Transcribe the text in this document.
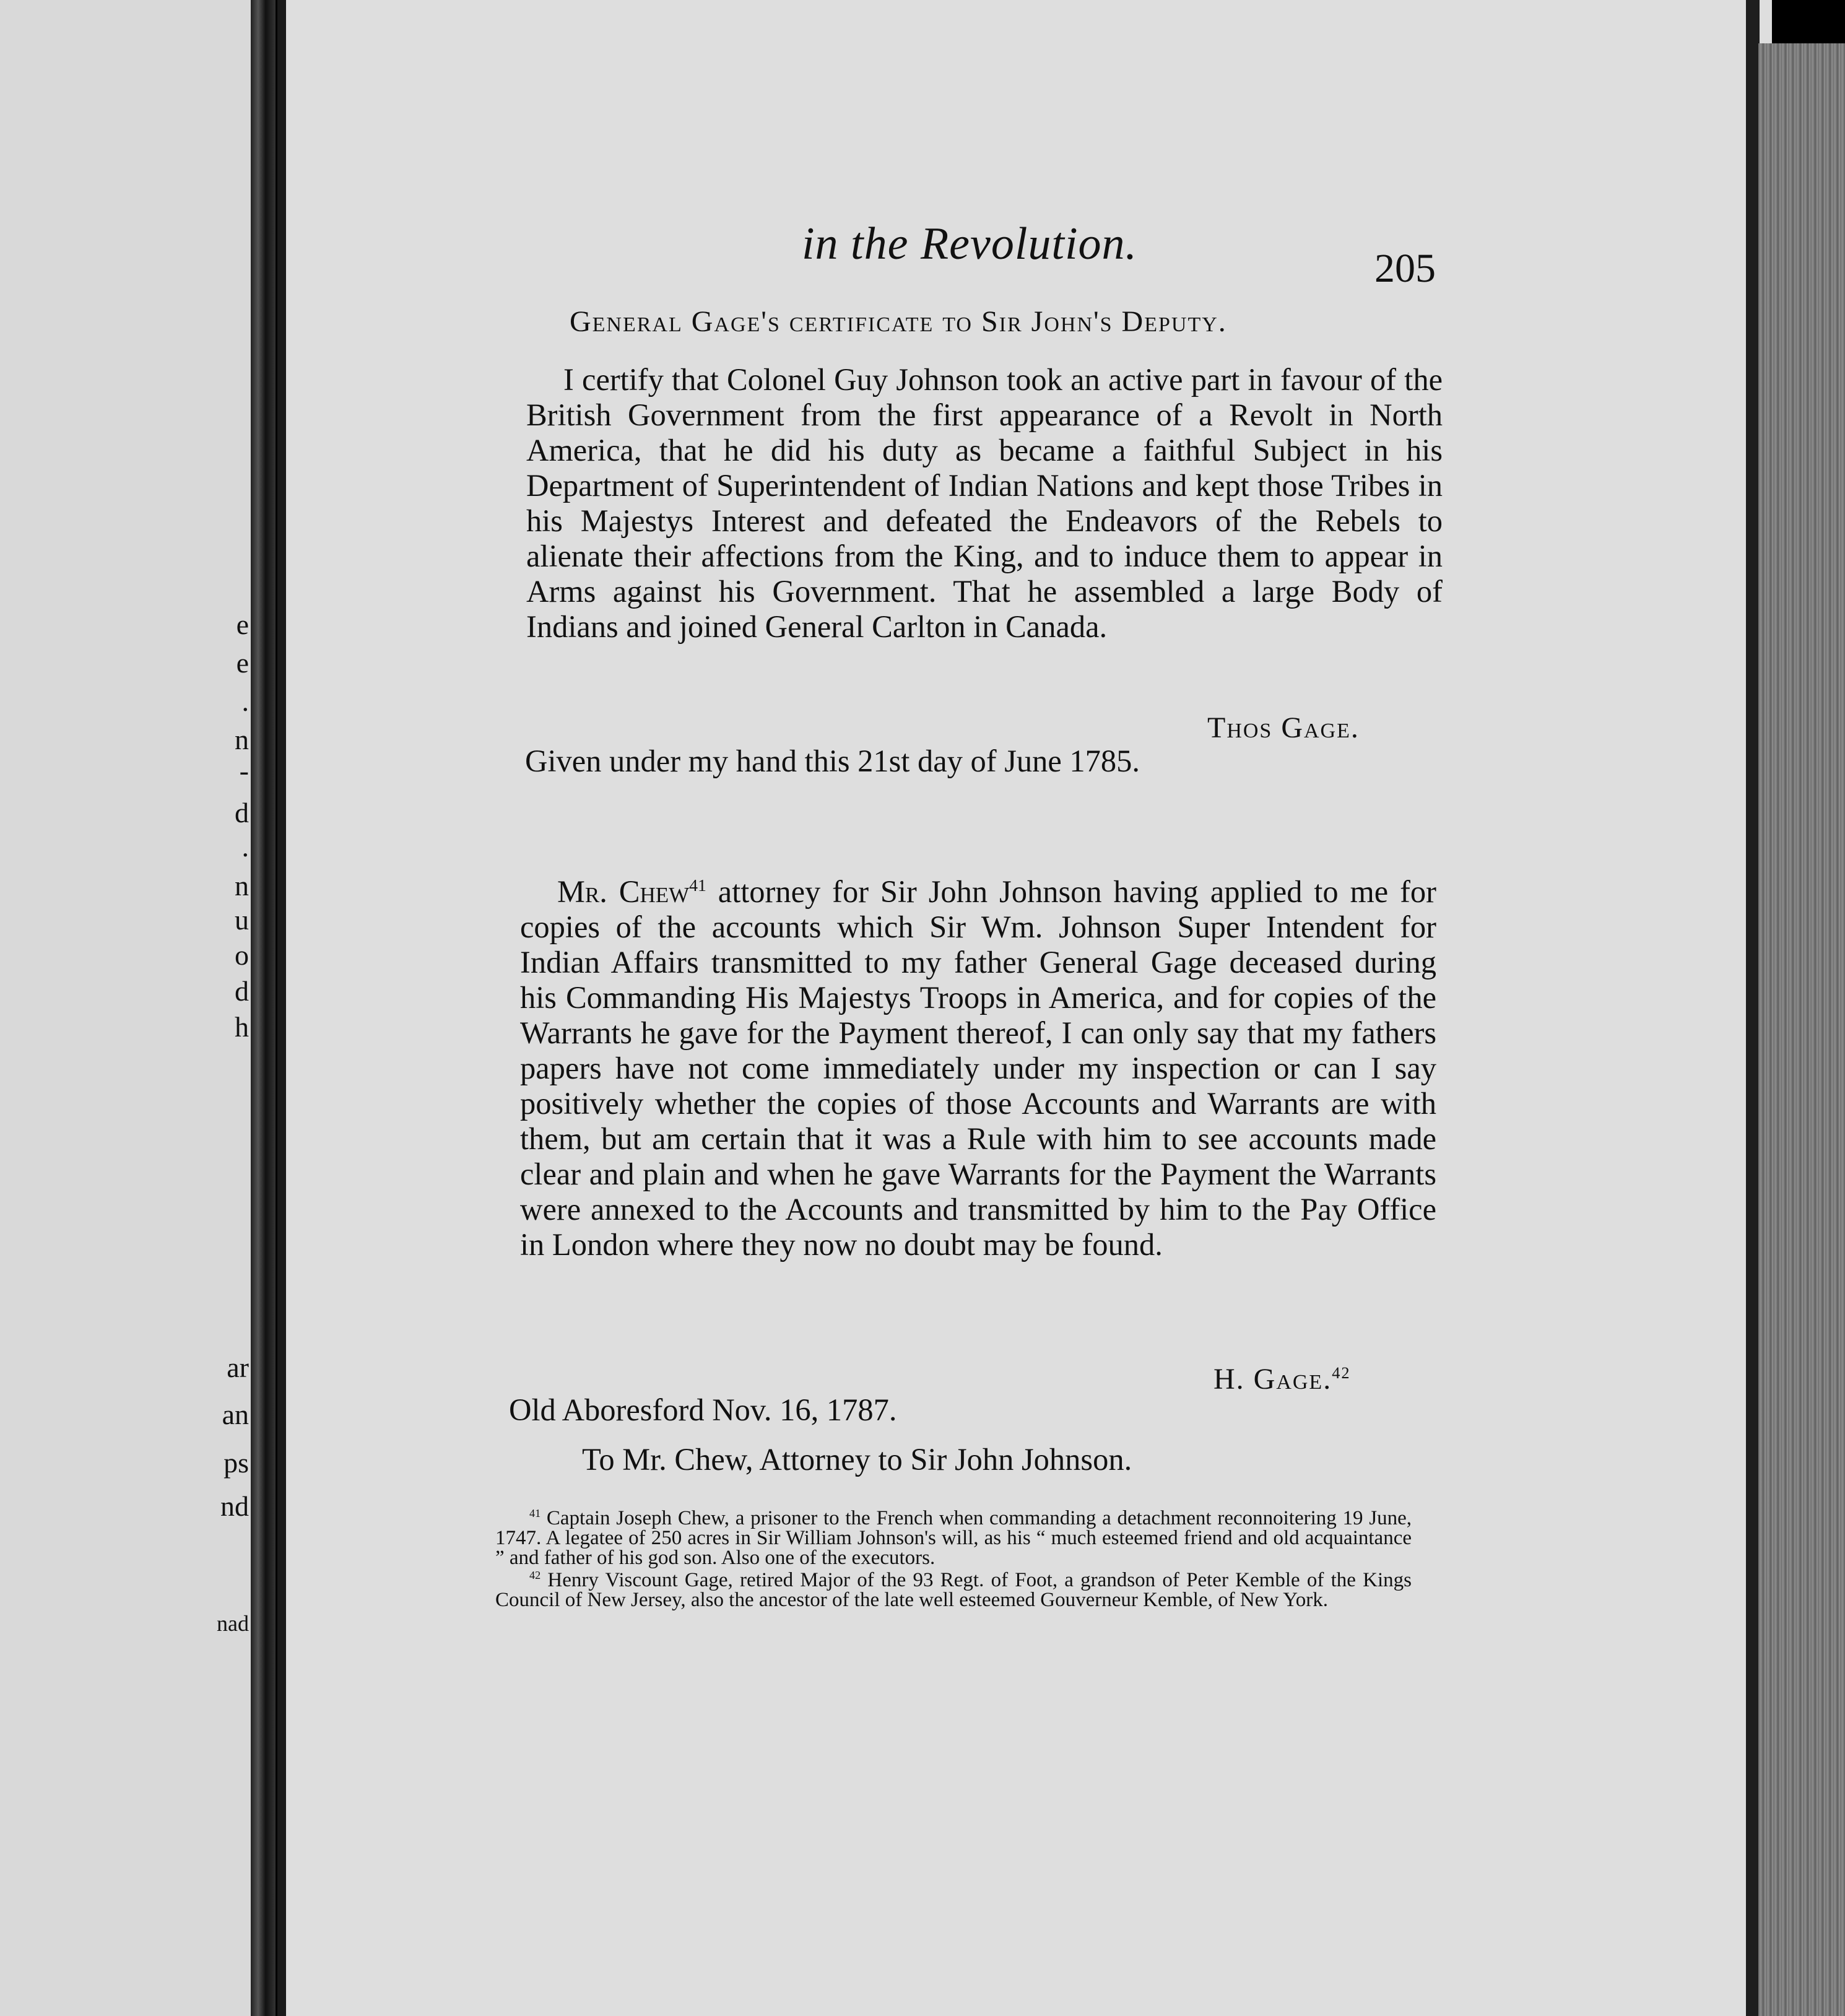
e
e
.
n
-
d
.
n
u
o
d
h
ar
an
ps
nd
nad
in the Revolution.	205
General Gage's certificate to Sir John's Deputy.

I certify that Colonel Guy Johnson took an active part in favour of the British Government from the first appearance of a Revolt in North America, that he did his duty as became a faithful Subject in his Department of Superintendent of Indian Nations and kept those Tribes in his Majestys Interest and defeated the Endeavors of the Rebels to alienate their affections from the King, and to induce them to appear in Arms against his Government. That he assembled a large Body of Indians and joined General Carlton in Canada.

Thos Gage.
Given under my hand this 21st day of June 1785.

Mr. Chew$^{41}$ attorney for Sir John Johnson having applied to me for copies of the accounts which Sir Wm. Johnson Super Intendent for Indian Affairs transmitted to my father General Gage deceased during his Commanding His Majestys Troops in America, and for copies of the Warrants he gave for the Payment thereof, I can only say that my fathers papers have not come immediately under my inspection or can I say positively whether the copies of those Accounts and Warrants are with them, but am certain that it was a Rule with him to see accounts made clear and plain and when he gave Warrants for the Payment the Warrants were annexed to the Accounts and transmitted by him to the Pay Office in London where they now no doubt may be found.

H. Gage.$^{42}$
Old Aboresford Nov. 16, 1787.
To Mr. Chew, Attorney to Sir John Johnson.

$^{41}$ Captain Joseph Chew, a prisoner to the French when commanding a detachment reconnoitering 19 June, 1747. A legatee of 250 acres in Sir William Johnson's will, as his “ much esteemed friend and old acquaintance ” and father of his god son. Also one of the executors.

$^{42}$ Henry Viscount Gage, retired Major of the 93 Regt. of Foot, a grandson of Peter Kemble of the Kings Council of New Jersey, also the ancestor of the late well esteemed Gouverneur Kemble, of New York.
